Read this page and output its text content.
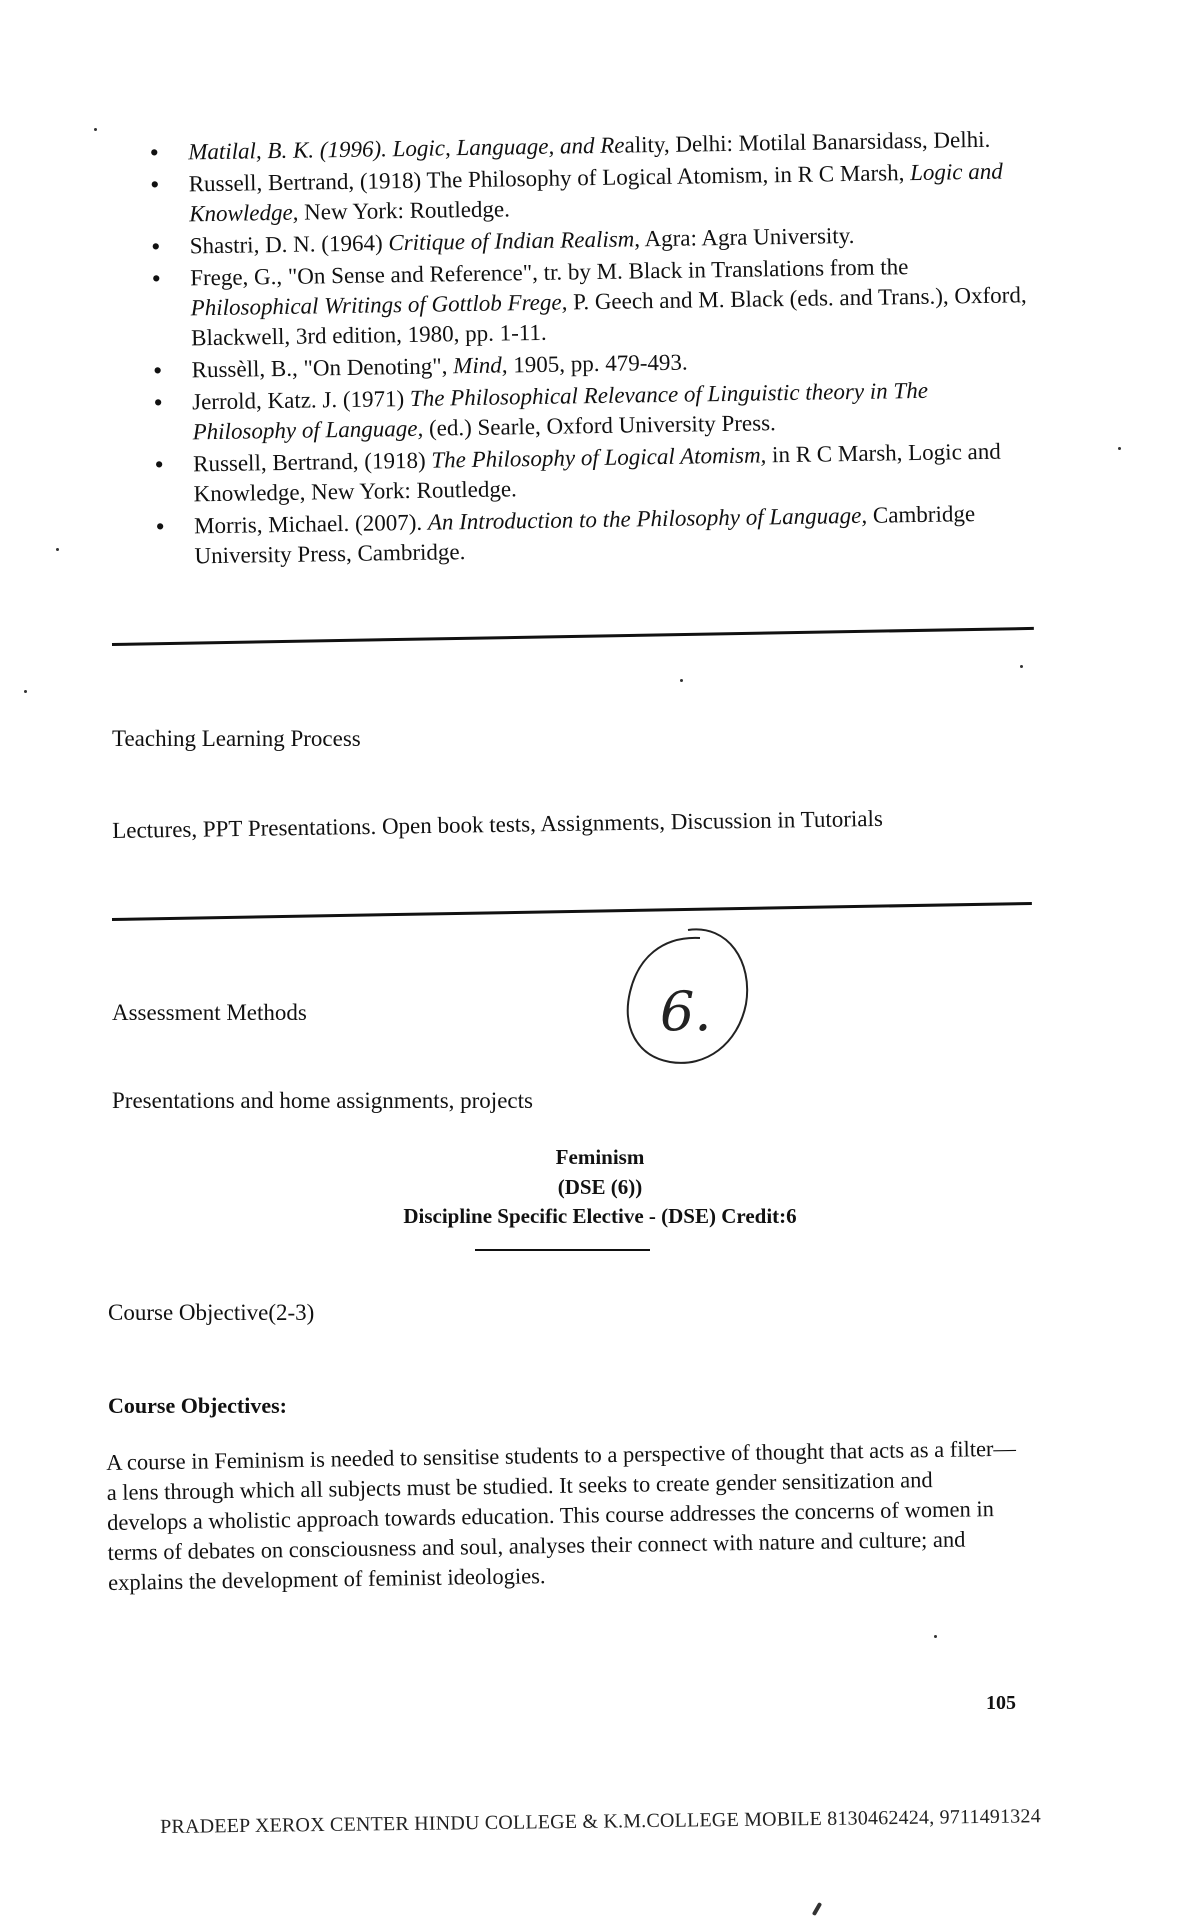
• Matilal, B. K. (1996). Logic, Language, and Reality, Delhi: Motilal Banarsidass, Delhi.
• Russell, Bertrand, (1918) The Philosophy of Logical Atomism, in R C Marsh, Logic and Knowledge, New York: Routledge.
• Shastri, D. N. (1964) Critique of Indian Realism, Agra: Agra University.
• Frege, G., "On Sense and Reference", tr. by M. Black in Translations from the Philosophical Writings of Gottlob Frege, P. Geech and M. Black (eds. and Trans.), Oxford, Blackwell, 3rd edition, 1980, pp. 1-11.
• Russèll, B., "On Denoting", Mind, 1905, pp. 479-493.
• Jerrold, Katz. J. (1971) The Philosophical Relevance of Linguistic theory in The Philosophy of Language, (ed.) Searle, Oxford University Press.
• Russell, Bertrand, (1918) The Philosophy of Logical Atomism, in R C Marsh, Logic and Knowledge, New York: Routledge.
• Morris, Michael. (2007). An Introduction to the Philosophy of Language, Cambridge University Press, Cambridge.
Teaching Learning Process
Lectures, PPT Presentations. Open book tests, Assignments, Discussion in Tutorials
Assessment Methods
Presentations and home assignments, projects
6.
Feminism
(DSE (6))
Discipline Specific Elective - (DSE) Credit:6
Course Objective(2-3)
Course Objectives:

A course in Feminism is needed to sensitise students to a perspective of thought that acts as a filter—a lens through which all subjects must be studied. It seeks to create gender sensitization and develops a wholistic approach towards education. This course addresses the concerns of women in terms of debates on consciousness and soul, analyses their connect with nature and culture; and explains the development of feminist ideologies.

105
PRADEEP XEROX CENTER HINDU COLLEGE & K.M.COLLEGE MOBILE 8130462424, 9711491324
